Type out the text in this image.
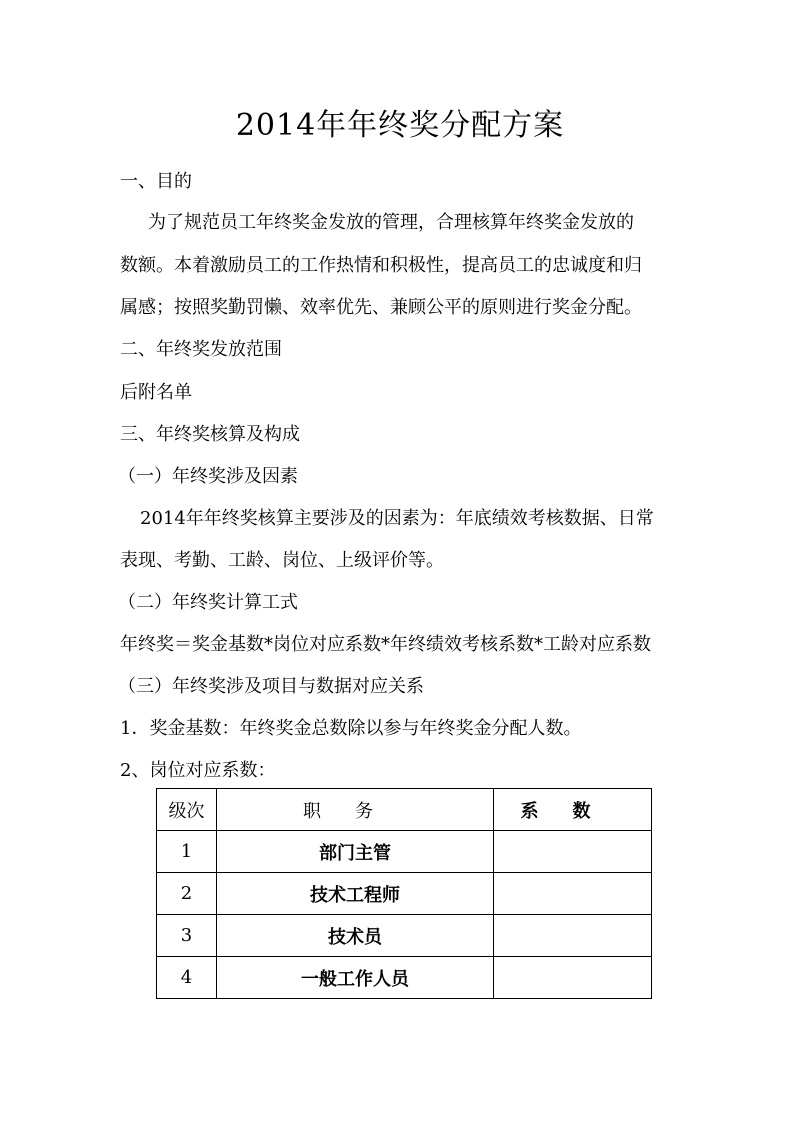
2014年年终奖分配方案
一、目的
为了规范员工年终奖金发放的管理，合理核算年终奖金发放的
数额。本着激励员工的工作热情和积极性，提高员工的忠诚度和归
属感；按照奖勤罚懒、效率优先、兼顾公平的原则进行奖金分配。
二、年终奖发放范围
后附名单
三、年终奖核算及构成
（一）年终奖涉及因素
2014年年终奖核算主要涉及的因素为：年底绩效考核数据、日常
表现、考勤、工龄、岗位、上级评价等。
（二）年终奖计算工式
年终奖＝奖金基数*岗位对应系数*年终绩效考核系数*工龄对应系数
（三）年终奖涉及项目与数据对应关系
1．奖金基数：年终奖金总数除以参与年终奖金分配人数。
2、岗位对应系数：
级次	职务	系数
1	部门主管	
2	技术工程师	
3	技术员	
4	一般工作人员	
